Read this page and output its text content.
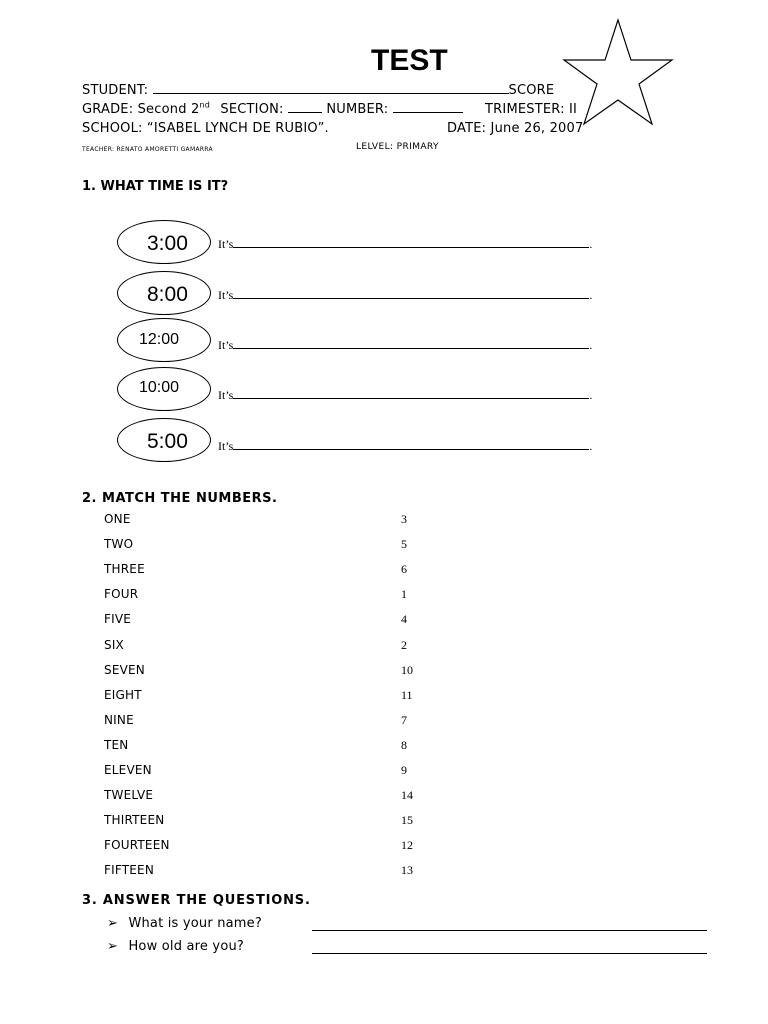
TEST
STUDENT:	SCORE
GRADE: Second 2nd SECTION:	NUMBER:	TRIMESTER: II
SCHOOL: “ISABEL LYNCH DE RUBIO”.	DATE: June 26, 2007
TEACHER: RENATO AMORETTI GAMARRA	LELVEL: PRIMARY
1. WHAT TIME IS IT?
3:00	It’s	.
8:00	It’s	.
12:00	It’s	.
10:00	It’s	.
5:00	It’s	.
2. MATCH THE NUMBERS.
ONE	3
TWO	5
THREE	6
FOUR	1
FIVE	4
SIX	2
SEVEN	10
EIGHT	11
NINE	7
TEN	8
ELEVEN	9
TWELVE	14
THIRTEEN	15
FOURTEEN	12
FIFTEEN	13
3. ANSWER THE QUESTIONS.
➢ What is your name?
➢ How old are you?
